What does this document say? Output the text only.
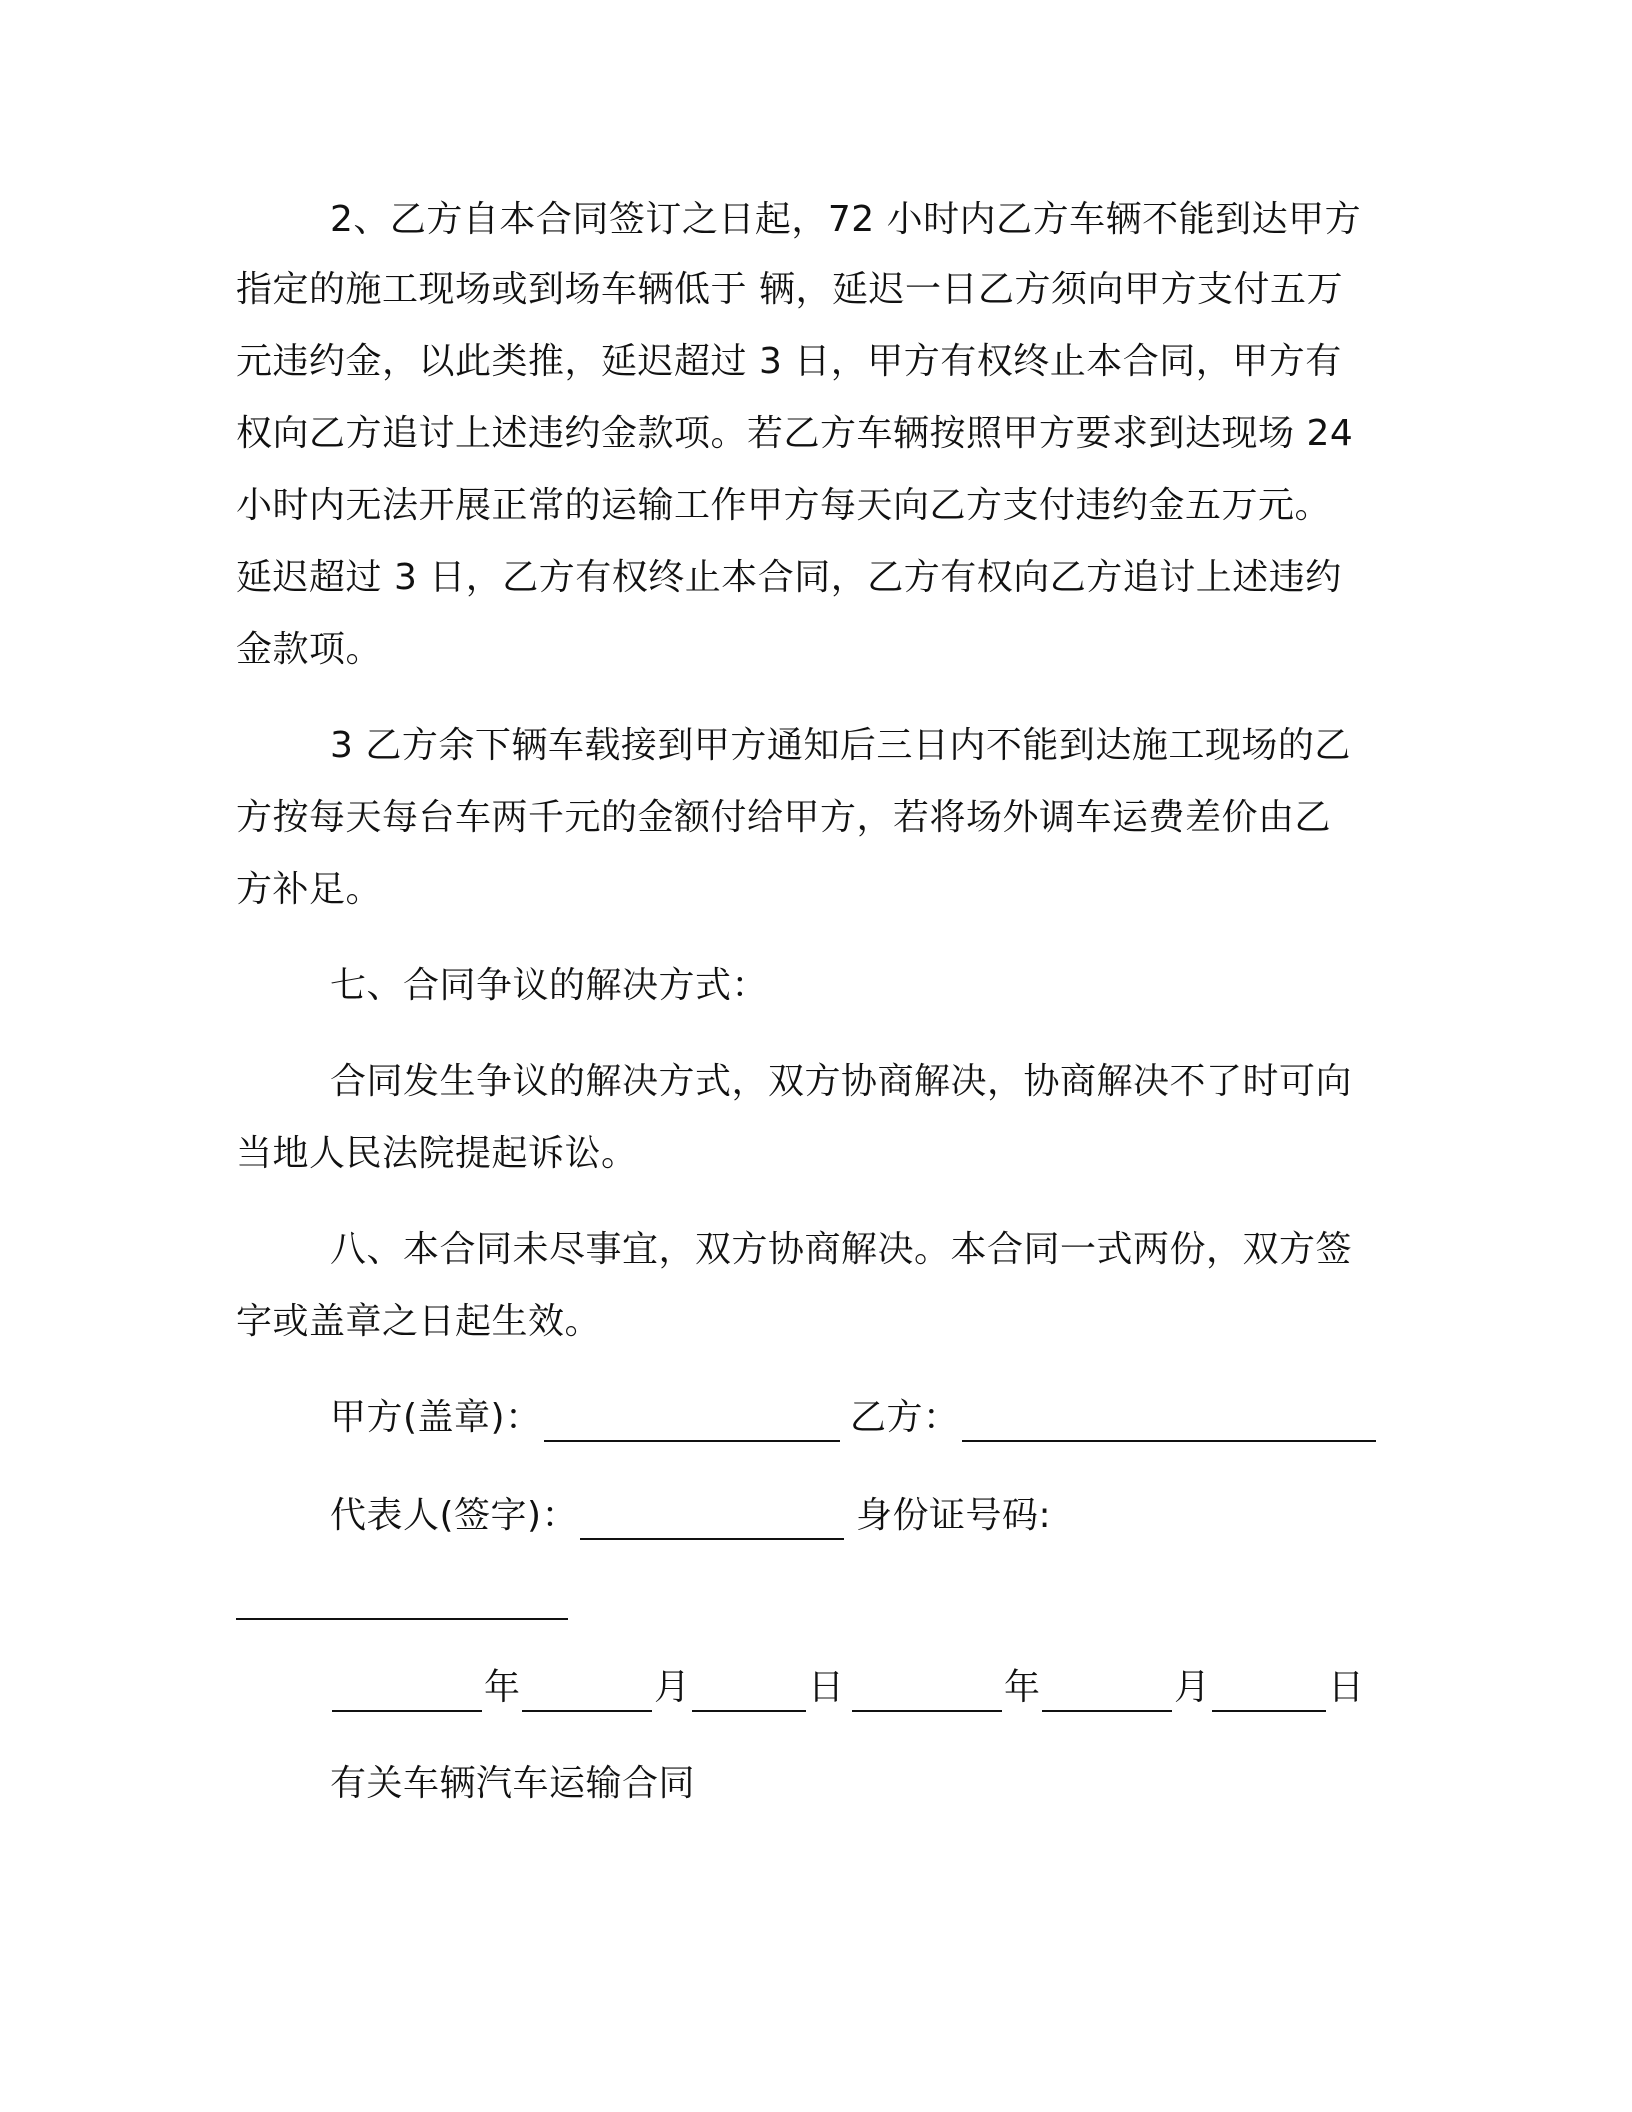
2、乙方自本合同签订之日起，72 小时内乙方车辆不能到达甲方
指定的施工现场或到场车辆低于 辆，延迟一日乙方须向甲方支付五万
元违约金，以此类推，延迟超过 3 日，甲方有权终止本合同，甲方有
权向乙方追讨上述违约金款项。若乙方车辆按照甲方要求到达现场 24
小时内无法开展正常的运输工作甲方每天向乙方支付违约金五万元。
延迟超过 3 日，乙方有权终止本合同，乙方有权向乙方追讨上述违约
金款项。
3 乙方余下辆车载接到甲方通知后三日内不能到达施工现场的乙
方按每天每台车两千元的金额付给甲方，若将场外调车运费差价由乙
方补足。
七、合同争议的解决方式：
合同发生争议的解决方式，双方协商解决，协商解决不了时可向
当地人民法院提起诉讼。
八、本合同未尽事宜，双方协商解决。本合同一式两份，双方签
字或盖章之日起生效。
甲方(盖章)：	乙方：
代表人(签字)：	身份证号码:
年	月	日	年	月	日
有关车辆汽车运输合同
